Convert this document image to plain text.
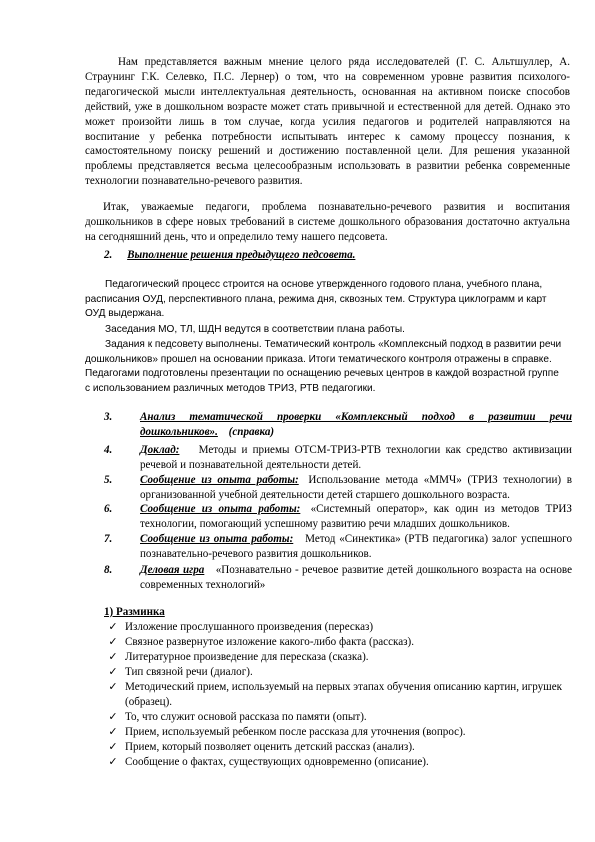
Нам представляется важным мнение целого ряда исследователей (Г. С. Альтшуллер, А. Страунинг Г.К. Селевко, П.С. Лернер) о том, что на современном уровне развития психолого-педагогической мысли интеллектуальная деятельность, основанная на активном поиске способов действий, уже в дошкольном возрасте может стать привычной и естественной для детей. Однако это может произойти лишь в том случае, когда усилия педагогов и родителей направляются на воспитание у ребенка потребности испытывать интерес к самому процессу познания, к самостоятельному поиску решений и достижению поставленной цели. Для решения указанной проблемы представляется весьма целесообразным использовать в развитии ребенка современные технологии познавательно-речевого развития.
Итак, уважаемые педагоги, проблема познавательно-речевого развития и воспитания дошкольников в сфере новых требований в системе дошкольного образования достаточно актуальна на сегодняшний день, что и определило тему нашего педсовета.
2. Выполнение решения предыдущего педсовета.
Педагогический процесс строится на основе утвержденного годового плана, учебного плана, расписания ОУД, перспективного плана, режима дня, сквозных тем. Структура циклограмм и карт ОУД выдержана.
Заседания МО, ТЛ, ШДН ведутся в соответствии плана работы.
Задания к педсовету выполнены. Тематический контроль «Комплексный подход в развитии речи дошкольников» прошел на основании приказа. Итоги тематического контроля отражены в справке. Педагогами подготовлены презентации по оснащению речевых центров в каждой возрастной группе с использованием различных методов ТРИЗ, РТВ педагогики.
3. Анализ тематической проверки «Комплексный подход в развитии речи дошкольников». (справка)
4. Доклад: Методы и приемы ОТСМ-ТРИЗ-РТВ технологии как средство активизации речевой и познавательной деятельности детей.
5. Сообщение из опыта работы: Использование метода «ММЧ» (ТРИЗ технологии) в организованной учебной деятельности детей старшего дошкольного возраста.
6. Сообщение из опыта работы: «Системный оператор», как один из методов ТРИЗ технологии, помогающий успешному развитию речи младших дошкольников.
7. Сообщение из опыта работы: Метод «Синектика» (РТВ педагогика) залог успешного познавательно-речевого развития дошкольников.
8. Деловая игра «Познавательно - речевое развитие детей дошкольного возраста на основе современных технологий»
1) Разминка
✓ Изложение прослушанного произведения (пересказ)
✓ Связное развернутое изложение какого-либо факта (рассказ).
✓ Литературное произведение для пересказа (сказка).
✓ Тип связной речи (диалог).
✓ Методический прием, используемый на первых этапах обучения описанию картин, игрушек (образец).
✓ То, что служит основой рассказа по памяти (опыт).
✓ Прием, используемый ребенком после рассказа для уточнения (вопрос).
✓ Прием, который позволяет оценить детский рассказ (анализ).
✓ Сообщение о фактах, существующих одновременно (описание).
